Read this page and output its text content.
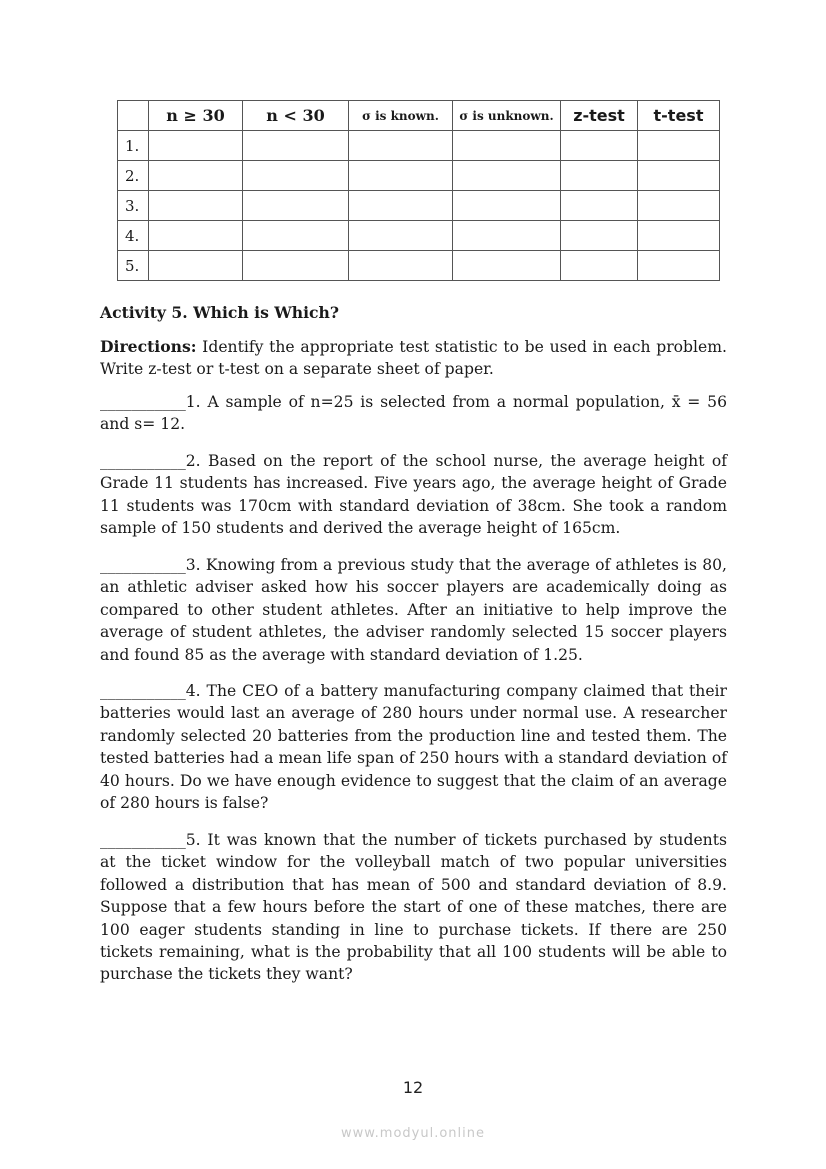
	n ≥ 30	n < 30	σ is known.	σ is unknown.	z-test	t-test
1.						
2.						
3.						
4.						
5.						
Activity 5. Which is Which?
Directions: Identify the appropriate test statistic to be used in each problem. Write z-test or t-test on a separate sheet of paper.
___________1. A sample of n=25 is selected from a normal population, x̄ = 56 and s= 12.
___________2. Based on the report of the school nurse, the average height of Grade 11 students has increased. Five years ago, the average height of Grade 11 students was 170cm with standard deviation of 38cm. She took a random sample of 150 students and derived the average height of 165cm.
___________3. Knowing from a previous study that the average of athletes is 80, an athletic adviser asked how his soccer players are academically doing as compared to other student athletes. After an initiative to help improve the average of student athletes, the adviser randomly selected 15 soccer players and found 85 as the average with standard deviation of 1.25.
___________4. The CEO of a battery manufacturing company claimed that their batteries would last an average of 280 hours under normal use. A researcher randomly selected 20 batteries from the production line and tested them. The tested batteries had a mean life span of 250 hours with a standard deviation of 40 hours. Do we have enough evidence to suggest that the claim of an average of 280 hours is false?
___________5. It was known that the number of tickets purchased by students at the ticket window for the volleyball match of two popular universities followed a distribution that has mean of 500 and standard deviation of 8.9. Suppose that a few hours before the start of one of these matches, there are 100 eager students standing in line to purchase tickets. If there are 250 tickets remaining, what is the probability that all 100 students will be able to purchase the tickets they want?
12
www.modyul.online
